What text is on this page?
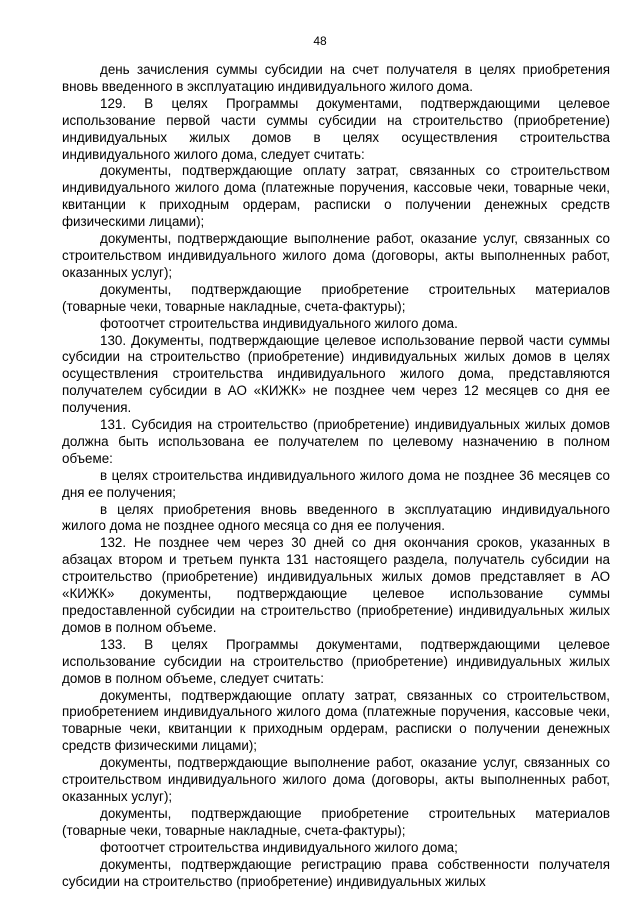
48

день зачисления суммы субсидии на счет получателя в целях приобретения вновь введенного в эксплуатацию индивидуального жилого дома.

129. В целях Программы документами, подтверждающими целевое использование первой части суммы субсидии на строительство (приобретение) индивидуальных жилых домов в целях осуществления строительства индивидуального жилого дома, следует считать:

документы, подтверждающие оплату затрат, связанных со строительством индивидуального жилого дома (платежные поручения, кассовые чеки, товарные чеки, квитанции к приходным ордерам, расписки о получении денежных средств физическими лицами);

документы, подтверждающие выполнение работ, оказание услуг, связанных со строительством индивидуального жилого дома (договоры, акты выполненных работ, оказанных услуг);

документы, подтверждающие приобретение строительных материалов (товарные чеки, товарные накладные, счета-фактуры);

фотоотчет строительства индивидуального жилого дома.

130. Документы, подтверждающие целевое использование первой части суммы субсидии на строительство (приобретение) индивидуальных жилых домов в целях осуществления строительства индивидуального жилого дома, представляются получателем субсидии в АО «КИЖК» не позднее чем через 12 месяцев со дня ее получения.

131. Субсидия на строительство (приобретение) индивидуальных жилых домов должна быть использована ее получателем по целевому назначению в полном объеме:

в целях строительства индивидуального жилого дома не позднее 36 месяцев со дня ее получения;

в целях приобретения вновь введенного в эксплуатацию индивидуального жилого дома не позднее одного месяца со дня ее получения.

132. Не позднее чем через 30 дней со дня окончания сроков, указанных в абзацах втором и третьем пункта 131 настоящего раздела, получатель субсидии на строительство (приобретение) индивидуальных жилых домов представляет в АО «КИЖК» документы, подтверждающие целевое использование суммы предоставленной субсидии на строительство (приобретение) индивидуальных жилых домов в полном объеме.

133. В целях Программы документами, подтверждающими целевое использование субсидии на строительство (приобретение) индивидуальных жилых домов в полном объеме, следует считать:

документы, подтверждающие оплату затрат, связанных со строительством, приобретением индивидуального жилого дома (платежные поручения, кассовые чеки, товарные чеки, квитанции к приходным ордерам, расписки о получении денежных средств физическими лицами);

документы, подтверждающие выполнение работ, оказание услуг, связанных со строительством индивидуального жилого дома (договоры, акты выполненных работ, оказанных услуг);

документы, подтверждающие приобретение строительных материалов (товарные чеки, товарные накладные, счета-фактуры);

фотоотчет строительства индивидуального жилого дома;

документы, подтверждающие регистрацию права собственности получателя субсидии на строительство (приобретение) индивидуальных жилых
